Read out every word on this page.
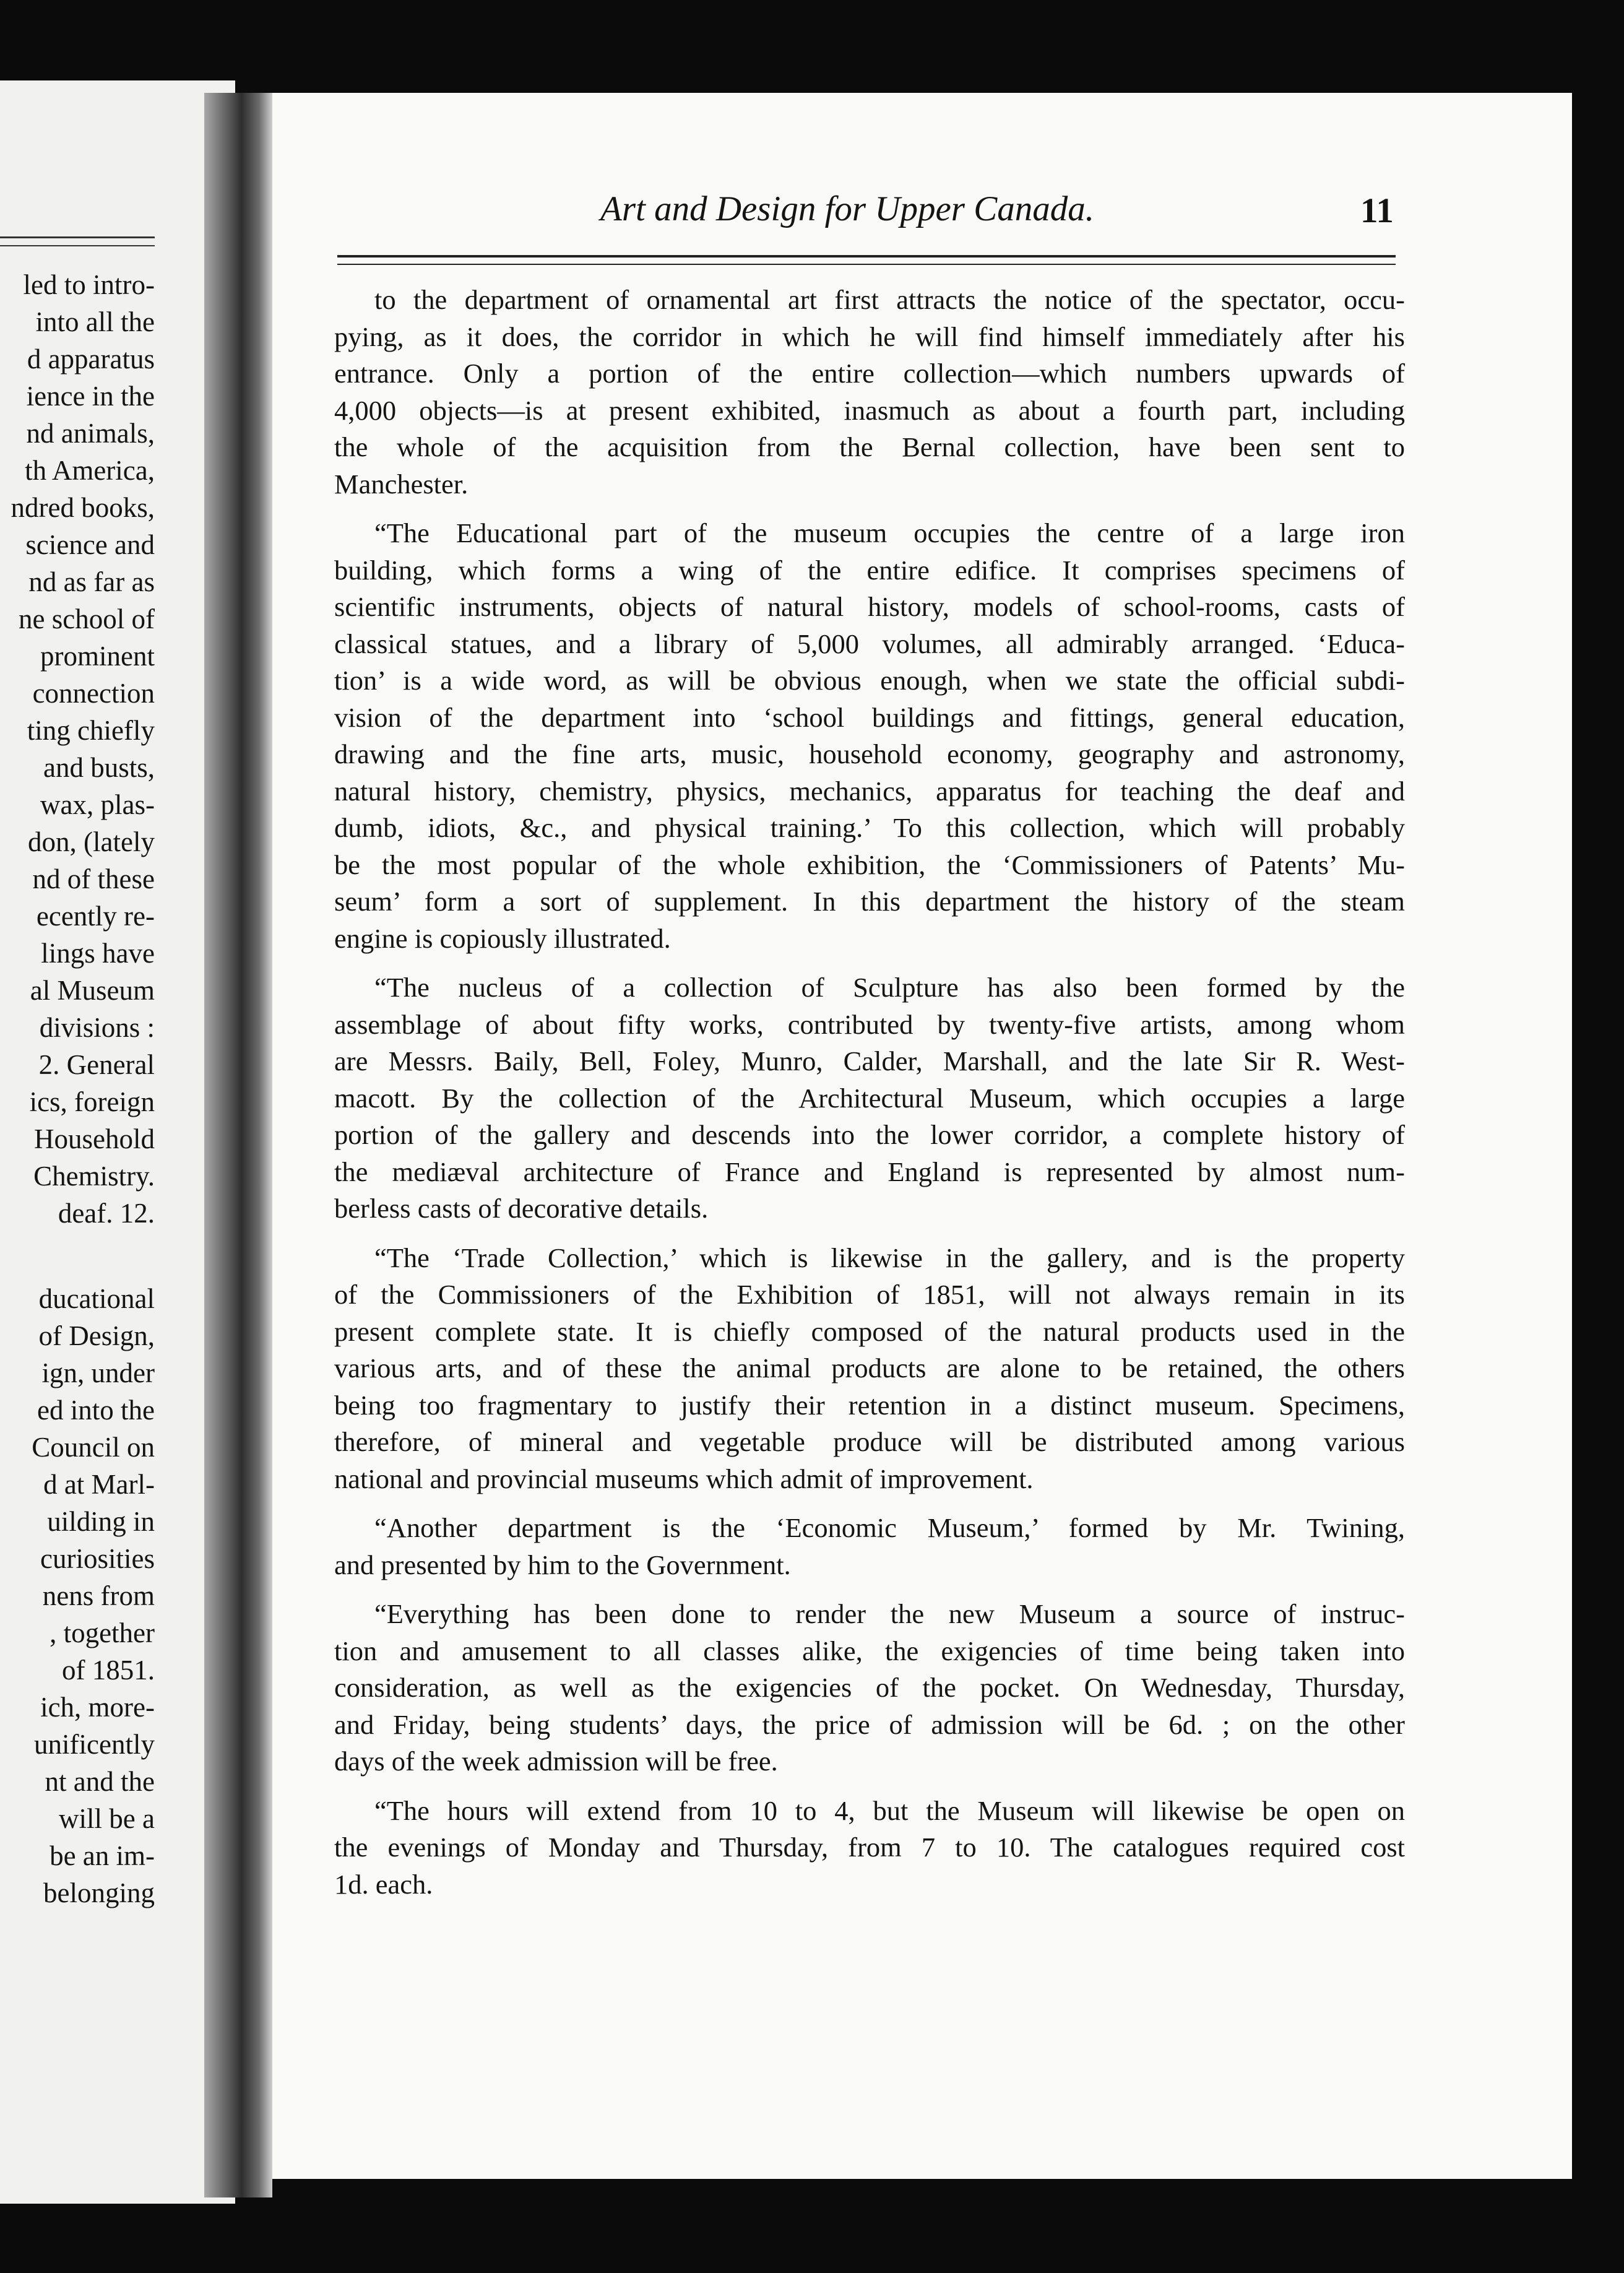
led to intro-
into all the
d apparatus
ience in the
nd animals,
th America,
ndred books,
science and
nd as far as
ne school of
prominent
connection
ting chiefly
and busts,
wax, plas-
don, (lately
nd of these
ecently re-
lings have
al Museum
divisions :
2. General
ics, foreign
Household
Chemistry.
deaf. 12.
ducational
of Design,
ign, under
ed into the
Council on
d at Marl-
uilding in
curiosities
nens from
, together
of 1851.
ich, more-
unificently
nt and the
will be a
be an im-
belonging
Art and Design for Upper Canada.	11
to the department of ornamental art first attracts the notice of the spectator, occu-
pying, as it does, the corridor in which he will find himself immediately after his
entrance. Only a portion of the entire collection—which numbers upwards of
4,000 objects—is at present exhibited, inasmuch as about a fourth part, including
the whole of the acquisition from the Bernal collection, have been sent to
Manchester.
“The Educational part of the museum occupies the centre of a large iron
building, which forms a wing of the entire edifice. It comprises specimens of
scientific instruments, objects of natural history, models of school-rooms, casts of
classical statues, and a library of 5,000 volumes, all admirably arranged. ‘Educa-
tion’ is a wide word, as will be obvious enough, when we state the official subdi-
vision of the department into ‘school buildings and fittings, general education,
drawing and the fine arts, music, household economy, geography and astronomy,
natural history, chemistry, physics, mechanics, apparatus for teaching the deaf and
dumb, idiots, &c., and physical training.’ To this collection, which will probably
be the most popular of the whole exhibition, the ‘Commissioners of Patents’ Mu-
seum’ form a sort of supplement. In this department the history of the steam
engine is copiously illustrated.
“The nucleus of a collection of Sculpture has also been formed by the
assemblage of about fifty works, contributed by twenty-five artists, among whom
are Messrs. Baily, Bell, Foley, Munro, Calder, Marshall, and the late Sir R. West-
macott. By the collection of the Architectural Museum, which occupies a large
portion of the gallery and descends into the lower corridor, a complete history of
the mediæval architecture of France and England is represented by almost num-
berless casts of decorative details.
“The ‘Trade Collection,’ which is likewise in the gallery, and is the property
of the Commissioners of the Exhibition of 1851, will not always remain in its
present complete state. It is chiefly composed of the natural products used in the
various arts, and of these the animal products are alone to be retained, the others
being too fragmentary to justify their retention in a distinct museum. Specimens,
therefore, of mineral and vegetable produce will be distributed among various
national and provincial museums which admit of improvement.
“Another department is the ‘Economic Museum,’ formed by Mr. Twining,
and presented by him to the Government.
“Everything has been done to render the new Museum a source of instruc-
tion and amusement to all classes alike, the exigencies of time being taken into
consideration, as well as the exigencies of the pocket. On Wednesday, Thursday,
and Friday, being students’ days, the price of admission will be 6d. ; on the other
days of the week admission will be free.
“The hours will extend from 10 to 4, but the Museum will likewise be open on
the evenings of Monday and Thursday, from 7 to 10. The catalogues required cost
1d. each.
